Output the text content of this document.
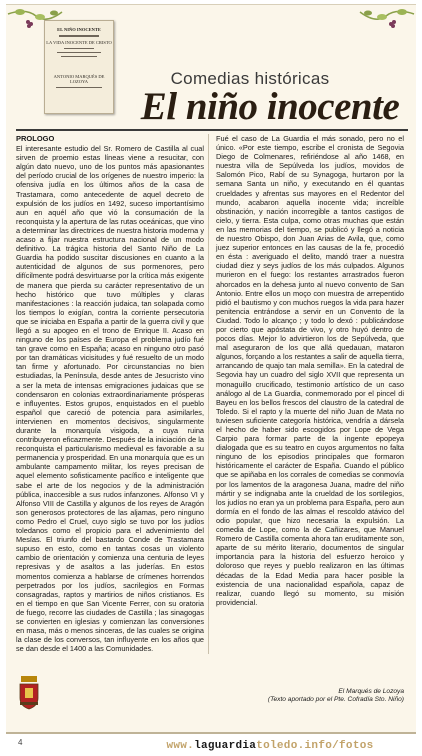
EL NIÑO INOCENTE
LA VIDA INOCENTE DE CRISTO
ANTONIO MARQUÉS DE LOZOYA	Comedias históricas
El niño inocente
PROLOGO

El interesante estudio del Sr. Romero de Castilla al cual sirven de proemio estas líneas viene a resucitar, con algún dato nuevo, uno de los puntos más apasionantes del período crucial de los orígenes de nuestro imperio: la ofensiva judía en los últimos años de la casa de Trastamara, como antecedente de aquel decreto de expulsión de los judíos en 1492, suceso importantísimo aun en aquél año que vió la consumación de la reconquista y la apertura de las rutas oceánicas, que vino a determinar las directrices de nuestra historia moderna y acaso a fijar nuestra estructura nacional de un modo definitivo. La trágica historia del Santo Niño de La Guardia ha podido suscitar discusiones en cuanto a la autenticidad de algunos de sus pormenores, pero difícilmente podrá desvirtuarse por la crítica más exigente de manera que pierda su carácter representativo de un hecho histórico que tuvo múltiples y claras manifestaciones : la reacción judaica, tan solapada como los tiempos lo exigían, contra la corriente persecutoria que se iniciaba en España a partir de la guerra civil y que llegó a su apogeo en el trono de Enrique II. Acaso en ninguno de los países de Europa el problema judío fué tan grave como en España; acaso en ninguno otro pasó por tan dramáticas vicisitudes y fué resuelto de un modo tan firme y afortunado. Por circunstancias no bien estudiadas, la Península, desde antes de Jesucristo vino a ser la meta de intensas emigraciones judaicas que se condensaron en colonias extraordinariamente prósperas e influyentes. Estos grupos, enquistados en el pueblo español que careció de potencia para asimilarles, intervienen en momentos decisivos, singularmente durante la monarquía visigoda, a cuya ruina contribuyeron eficazmente. Después de la iniciación de la reconquista el particularismo medieval es favorable a su permanencia y prosperidad. En una monarquía que es un ambulante campamento militar, los reyes precisan de aquel elemento sofisticamente pacífico e inteligente que sabe el arte de los negocios y de la administración pública, inaccesible a sus rudos infanzones. Alfonso VI y Alfonso VIII de Castilla y algunos de los reyes de Aragón son generosos protectores de las aljamas, pero ninguno como Pedro el Cruel, cuyo siglo se tuvo por los judíos toledanos como el propicio para el advenimiento del Mesías. El triunfo del bastardo Conde de Trastamara supuso en esto, como en tantas cosas un violento cambio de orientación y comienza una centuria de leyes represivas y de asaltos a las juderías. En estos momentos comienza a hablarse de crímenes horrendos perpetrados por los judíos, sacrilegios en Formas consagradas, raptos y martirios de niños cristianos. Es en el tiempo en que San Vicente Ferrer, con su oratoria de fuego, recorre las ciudades de Castilla ; las sinagogas se convierten en iglesias y comienzan las conversiones en masa, más o menos sinceras, de las cuales se origina la clase de los conversos, tan influyente en los años que se dan desde el 1400 a las Comunidades.

Fué el caso de La Guardia el más sonado, pero no el único. «Por este tiempo, escribe el cronista de Segovia Diego de Colmenares, refiriéndose al año 1468, en nuestra villa de Sepúlveda los judíos, movidos de Salomón Pico, Rabí de su Synagoga, hurtaron por la semana Santa un niño, y executando en él quantas crueldades y afrentas sus mayores en el Redentor del mundo, acabaron aquella inocente vida; increíble obstinación, y nación incorregible a tantos castigos de cielo, y tierra. Esta culpa, como otras muchas que están en las memorias del tiempo, se publicó y llegó a noticia de nuestro Obispo, don Juan Arias de Avila, que, como juez superior entonces en las causas de la fe, procedió en ésta : averiguado el delito, mandó traer a nuestra ciudad diez y seys judíos de los más culpados. Algunos murieron en el fuego: los restantes arrastrados fueron ahorcados en la dehesa junto al nuevo convento de San Antonio. Entre ellos un moço con muestra de arrepentido pidió el bautismo y con muchos ruegos la vida para hazer penitencia entrándose a servir en un Convento de la Ciudad. Todo lo alcanço ; y todo lo dexó : publicándose por cierto que apóstata de vivo, y otro huyó dentro de pocos días. Mejor lo advirtieron los de Sepúlveda, que mal aseguraron de los que allá quedauan, mataron algunos, forçando a los restantes a salir de aquella tierra, arrancando de quajo tan mala semilla». En la catedral de Segovia hay un cuadro del siglo XVII que representa un monaguillo crucificado, testimonio artístico de un caso análogo al de La Guardia, conmemorado por el pincel di Bayeu en los bellos frescos del claustro de la catedral de Toledo. Si el rapto y la muerte del niño Juan de Mata no tuviesen suficiente categoría histórica, vendría a dársela el hecho de haber sido escogidos por Lope de Vega Carpio para formar parte de la ingente epopeya dialogada que es su teatro en cuyos argumentos no falta ninguno de los episodios principales que formaron históricamente el carácter de España. Cuando el público que se apiñaba en los corrales de comedias se conmovía por los lamentos de la aragonesa Juana, madre del niño mártir y se indignaba ante la crueldad de los sortilegios, los judíos no eran ya un problema para España, pero aun dormía en el fondo de las almas el rescoldo atávico del odio popular, que hizo necesaria la expulsión. La comedia de Lope, como la de Cañizares, que Manuel Romero de Castilla comenta ahora tan eruditamente son, aparte de su mérito literario, documentos de singular importancia para la historia del esfuerzo heroico y doloroso que reyes y pueblo realizaron en las últimas décadas de la Edad Media para hacer posible la existencia de una nacionalidad española, capaz de realizar, cuando llegó su momento, su misión providencial.

El Marqués de Lozoya
(Texto aportado por el Pte. Cofradía Sto. Niño)
4	www.laguardiatoledo.info/fotos
